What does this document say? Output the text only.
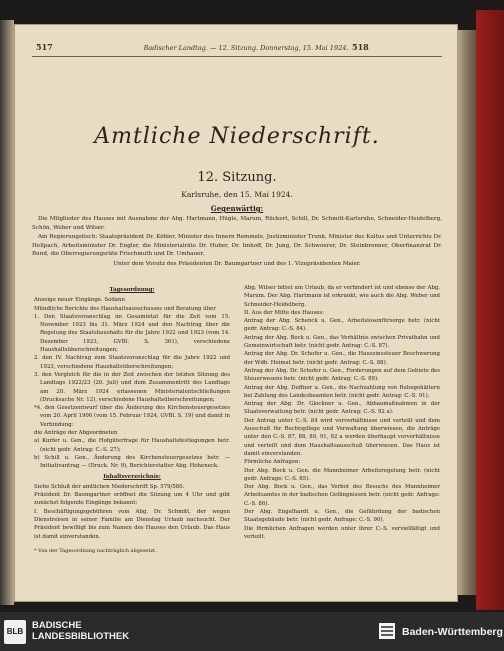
517	Badischer Landtag. — 12. Sitzung. Donnerstag, 15. Mai 1924. 518
Amtliche Niederschrift.
12. Sitzung.
Karlsruhe, den 15. Mai 1924.
Gegenwärtig:

Die Mitglieder des Hauses mit Ausnahme der Abg. Hartmann, Hügle, Marum, Rückert, Schill, Dr. Schmitt-Karlsruhe, Schneider-Heidelberg, Schön, Weber und Wilser.

Am Regierungstisch: Staatspräsident Dr. Köhler, Minister des Innern Remmele, Justizminister Trunk, Minister des Kultus und Unterrichts Dr. Hellpach, Arbeitsminister Dr. Engler, die Ministerialräte Dr. Huber, Dr. Imhoff, Dr. Jung, Dr. Schwoerer, Dr. Steinbrenner, Oberfinanzrat Dr. Bund, die Oberregierungsräte Frischmuth und Dr. Umhauer.

Unter dem Vorsitz des Präsidenten Dr. Baumgartner und des 1. Vizepräsidenten Maier.

Tagesordnung:

Anzeige neuer Eingänge. Sodann

Mündliche Berichte des Haushaltsausschusses und Beratung über

1. Den Staatsvoranschlag im Gesamtetat für die Zeit vom 15. November 1923 bis 31. März 1924 und den Nachtrag über die Regelung des Staatshaushalts für die Jahre 1922 und 1923 (vom 14. Dezember 1923, GVBl. S. 361), verschiedene Haushaltsüberschreitungen;

2. den IV. Nachtrag zum Staatsvoranschlag für die Jahre 1922 und 1923, verschiedene Haushaltsüberschreitungen;

3. den Vergleich für die in der Zeit zwischen der letzten Sitzung des Landtags 1922/23 (20. Juli) und dem Zusammentritt des Landtags am 20. März 1924 erlassenen Ministerialentschließungen (Drucksache Nr. 12), verschiedene Haushaltsüberschreitungen;

*4. den Gesetzentwurf über die Änderung des Kirchensteuergesetzes vom 20. April 1906 (vom 15. Februar 1924, GVBl. S. 19) und damit in Verbindung:

die Anträge der Abgeordneten

a) Kurfer u. Gen., die Hofgüterfrage für Haushaltsfestlegungen betr. (nicht gedr. Antrag: C.-S. 27);

b) Schill u. Gen., Änderung des Kirchensteuergesetzes betr. — Initiativantrag — (Druck. Nr. 9), Berichterstatter Abg. Hoheneck.

Inhaltsverzeichnis:

Siehe Schluß der amtlichen Niederschrift Sp. 579/580.

Präsident Dr. Baumgartner eröffnet die Sitzung um 4 Uhr und gibt zunächst folgende Eingänge bekannt:

I. Beschäftigungsgebühren vom Abg. Dr. Schmitt, der wegen Dienstreisen in seiner Familie am Dienstag Urlaub nachsucht. Der Präsident bewilligt bis zum Namen des Hauses den Urlaub. Das Haus ist damit einverstanden.

* Von der Tagesordnung nachträglich abgesetzt.

Abg. Wilser bittet um Urlaub, da er verhindert ist und ebenso der Abg. Marum. Der Abg. Hartmann ist erkrankt, wie auch die Abg. Weber und Schneider-Heidelberg.

II. Aus der Mitte des Hauses:

Antrag der Abg. Schenck u. Gen., Arbeitslosenfürsorge betr. (nicht gedr. Antrag: C.-S. 84).

Antrag der Abg. Bock u. Gen., das Verhältnis zwischen Privatbahn und Gemeinwirtschaft betr. (nicht gedr. Antrag: C.-S. 87).

Antrag der Abg. Dr. Schofer u. Gen., die Hauszinssteuer Beschwerung der Wdb. Heimat betr. (nicht gedr. Antrag: C.-S. 88).

Antrag der Abg. Dr. Schofer u. Gen., Forderungen auf dem Gebiete des Steuerwesens betr. (nicht gedr. Antrag: C.-S. 89).

Antrag der Abg. Duffner u. Gen., die Nachzahlung von Ruhegehältern bei Zahlung des Landesbeamten betr. (nicht gedr. Antrag: C.-S. 91).

Antrag der Abg. Dr. Glockner u. Gen., Abbaumaßnahmen in der Staatsverwaltung betr. (nicht gedr. Antrag: C.-S. 92 a).

Der Antrag unter C.-S. 84 wird vorverhältnisse und verteilt und dem Ausschuß für Rechtspflege und Verwaltung überwiesen, die Anträge unter den C.-S. 87, 88, 89, 91, 92 a werden überhaupt vorverhältnisse und verteilt und dem Haushaltsausschuß überwiesen. Das Haus ist damit einverstanden.

Förmliche Anfragen:

Der Abg. Bock u. Gen. die Mannheimer Arbeitsregelung betr. (nicht gedr. Anfrage: C.-S. 85).

Der Abg. Bock u. Gen., das Verbot des Besuchs des Mannheimer Arbeitsamtes in der badischen Gefängnissen betr. (nicht gedr. Anfrage: C.-S. 86).

Der Abg. Engelhardt u. Gen., die Gefährdung der badischen Staatsgebäude betr. (nicht gedr. Anfrage: C.-S. 90).

Die förmlichen Anfragen werden unter ihrer C.-S. vervielfältigt und verteilt.

BLB
BADISCHE
LANDESBIBLIOTHEK	Baden-Württemberg
